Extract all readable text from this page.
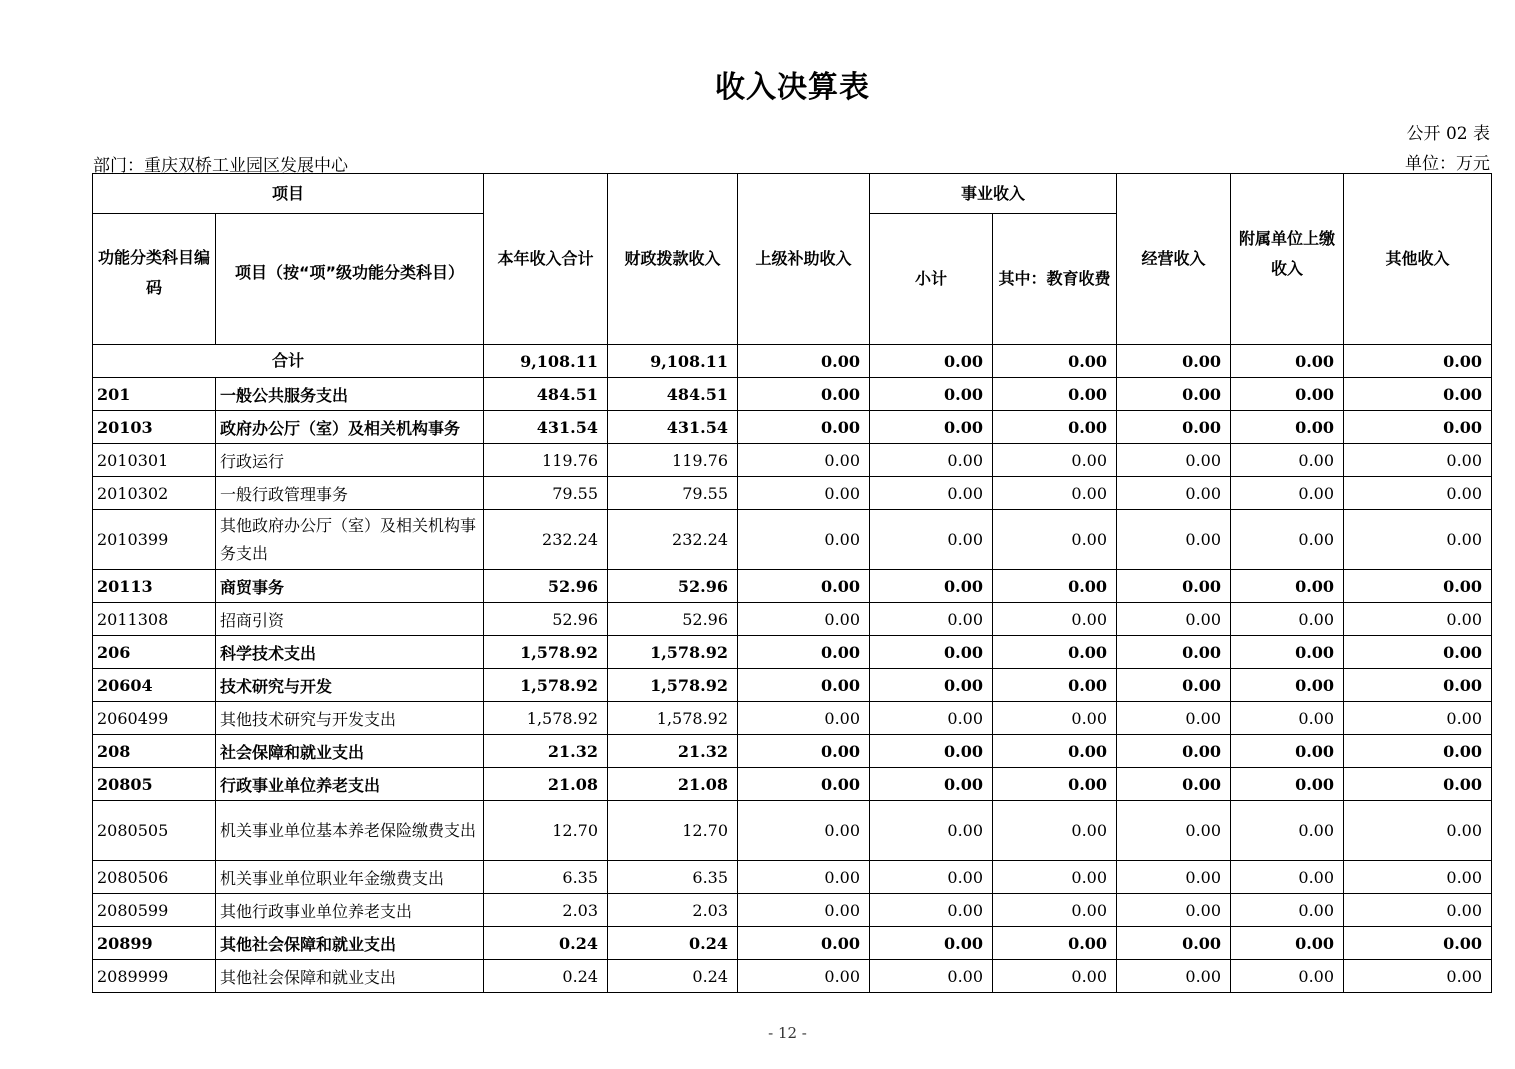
收入决算表
公开 02 表
部门：重庆双桥工业园区发展中心	单位：万元
项目		本年收入合计	财政拨款收入	上级补助收入	事业收入		经营收入	附属单位上缴收入	其他收入
功能分类科目编码	项目（按“项”级功能分类科目）				小计	其中：教育收费			
合计		9,108.11	9,108.11	0.00	0.00	0.00	0.00	0.00	0.00
201	一般公共服务支出	484.51	484.51	0.00	0.00	0.00	0.00	0.00	0.00
20103	政府办公厅（室）及相关机构事务	431.54	431.54	0.00	0.00	0.00	0.00	0.00	0.00
2010301	行政运行	119.76	119.76	0.00	0.00	0.00	0.00	0.00	0.00
2010302	一般行政管理事务	79.55	79.55	0.00	0.00	0.00	0.00	0.00	0.00
2010399	其他政府办公厅（室）及相关机构事务支出	232.24	232.24	0.00	0.00	0.00	0.00	0.00	0.00
20113	商贸事务	52.96	52.96	0.00	0.00	0.00	0.00	0.00	0.00
2011308	招商引资	52.96	52.96	0.00	0.00	0.00	0.00	0.00	0.00
206	科学技术支出	1,578.92	1,578.92	0.00	0.00	0.00	0.00	0.00	0.00
20604	技术研究与开发	1,578.92	1,578.92	0.00	0.00	0.00	0.00	0.00	0.00
2060499	其他技术研究与开发支出	1,578.92	1,578.92	0.00	0.00	0.00	0.00	0.00	0.00
208	社会保障和就业支出	21.32	21.32	0.00	0.00	0.00	0.00	0.00	0.00
20805	行政事业单位养老支出	21.08	21.08	0.00	0.00	0.00	0.00	0.00	0.00
2080505	机关事业单位基本养老保险缴费支出	12.70	12.70	0.00	0.00	0.00	0.00	0.00	0.00
2080506	机关事业单位职业年金缴费支出	6.35	6.35	0.00	0.00	0.00	0.00	0.00	0.00
2080599	其他行政事业单位养老支出	2.03	2.03	0.00	0.00	0.00	0.00	0.00	0.00
20899	其他社会保障和就业支出	0.24	0.24	0.00	0.00	0.00	0.00	0.00	0.00
2089999	其他社会保障和就业支出	0.24	0.24	0.00	0.00	0.00	0.00	0.00	0.00
- 12 -
